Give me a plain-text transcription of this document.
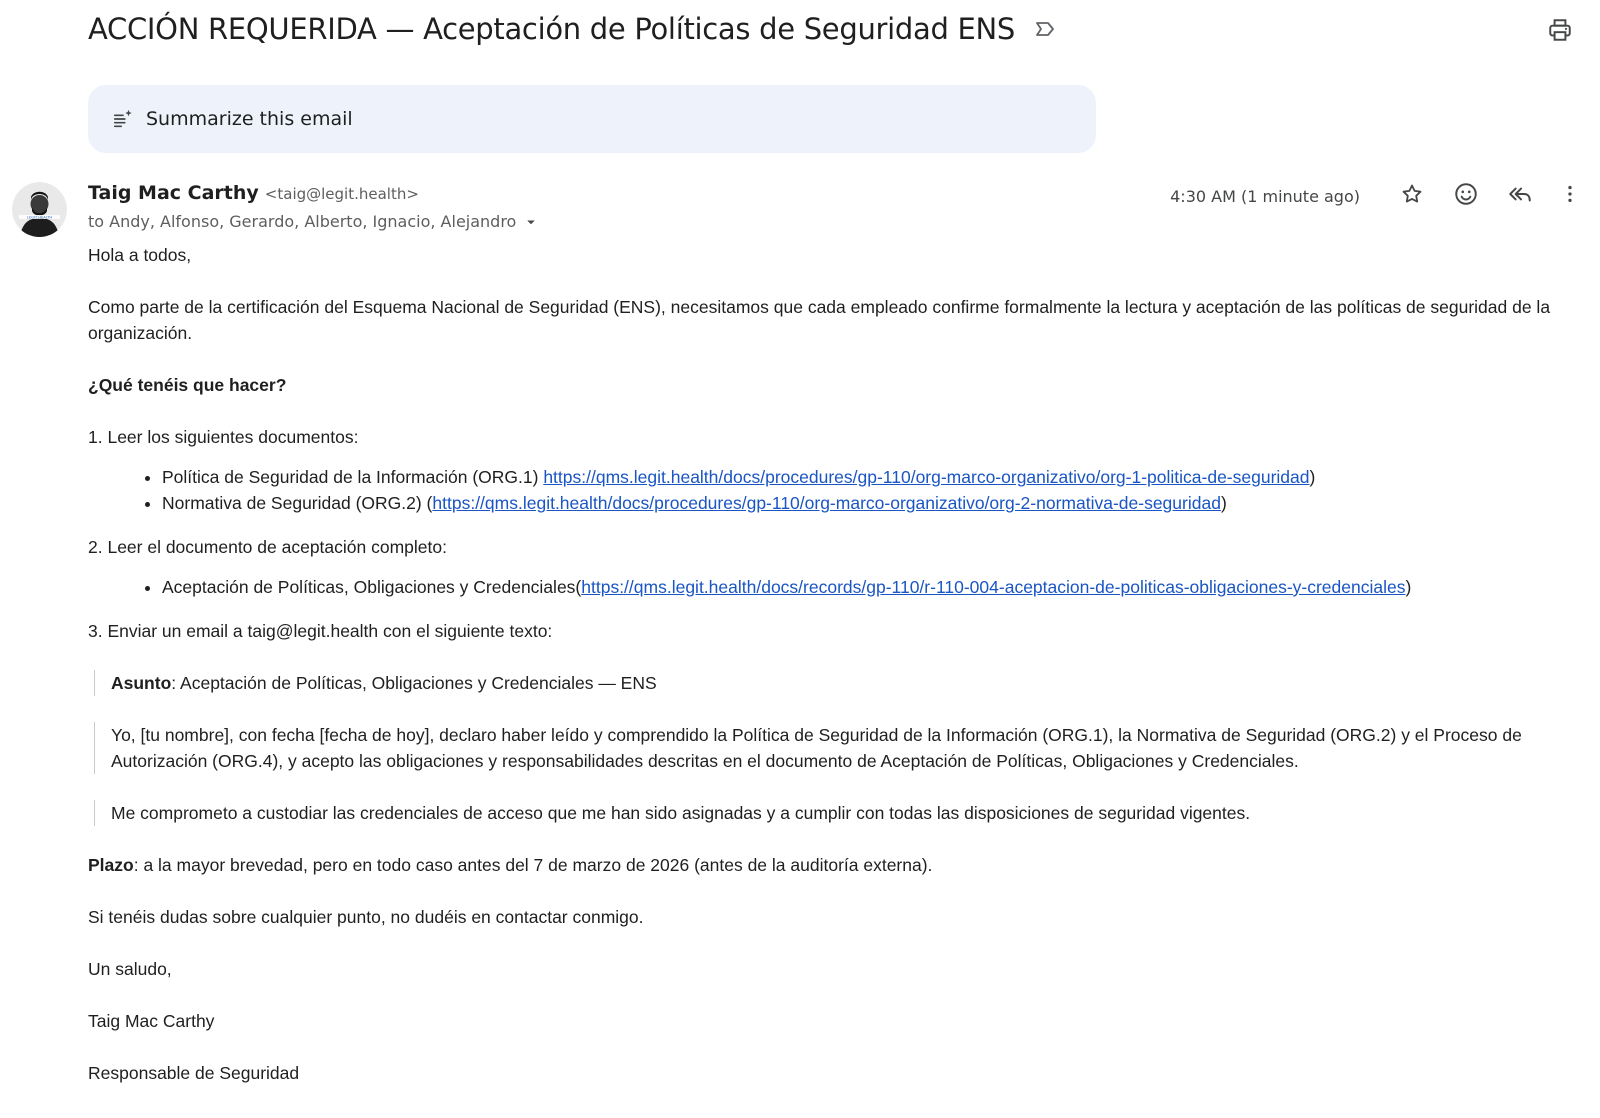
ACCIÓN REQUERIDA — Aceptación de Políticas de Seguridad ENS
Summarize this email
LEGIT HEALTH
Taig Mac Carthy <taig@legit.health>
to Andy, Alfonso, Gerardo, Alberto, Ignacio, Alejandro
4:30 AM (1 minute ago)

Hola a todos,

Como parte de la certificación del Esquema Nacional de Seguridad (ENS), necesitamos que cada empleado confirme formalmente la lectura y aceptación de las políticas de seguridad de la organización.

¿Qué tenéis que hacer?

1. Leer los siguientes documentos:

• Política de Seguridad de la Información (ORG.1) https://qms.legit.health/docs/procedures/gp-110/org-marco-organizativo/org-1-politica-de-seguridad)
• Normativa de Seguridad (ORG.2) (https://qms.legit.health/docs/procedures/gp-110/org-marco-organizativo/org-2-normativa-de-seguridad)

2. Leer el documento de aceptación completo:

• Aceptación de Políticas, Obligaciones y Credenciales(https://qms.legit.health/docs/records/gp-110/r-110-004-aceptacion-de-politicas-obligaciones-y-credenciales)

3. Enviar un email a taig@legit.health con el siguiente texto:

Asunto: Aceptación de Políticas, Obligaciones y Credenciales — ENS
Yo, [tu nombre], con fecha [fecha de hoy], declaro haber leído y comprendido la Política de Seguridad de la Información (ORG.1), la Normativa de Seguridad (ORG.2) y el Proceso de Autorización (ORG.4), y acepto las obligaciones y responsabilidades descritas en el documento de Aceptación de Políticas, Obligaciones y Credenciales.
Me comprometo a custodiar las credenciales de acceso que me han sido asignadas y a cumplir con todas las disposiciones de seguridad vigentes.

Plazo: a la mayor brevedad, pero en todo caso antes del 7 de marzo de 2026 (antes de la auditoría externa).

Si tenéis dudas sobre cualquier punto, no dudéis en contactar conmigo.

Un saludo,

Taig Mac Carthy

Responsable de Seguridad
